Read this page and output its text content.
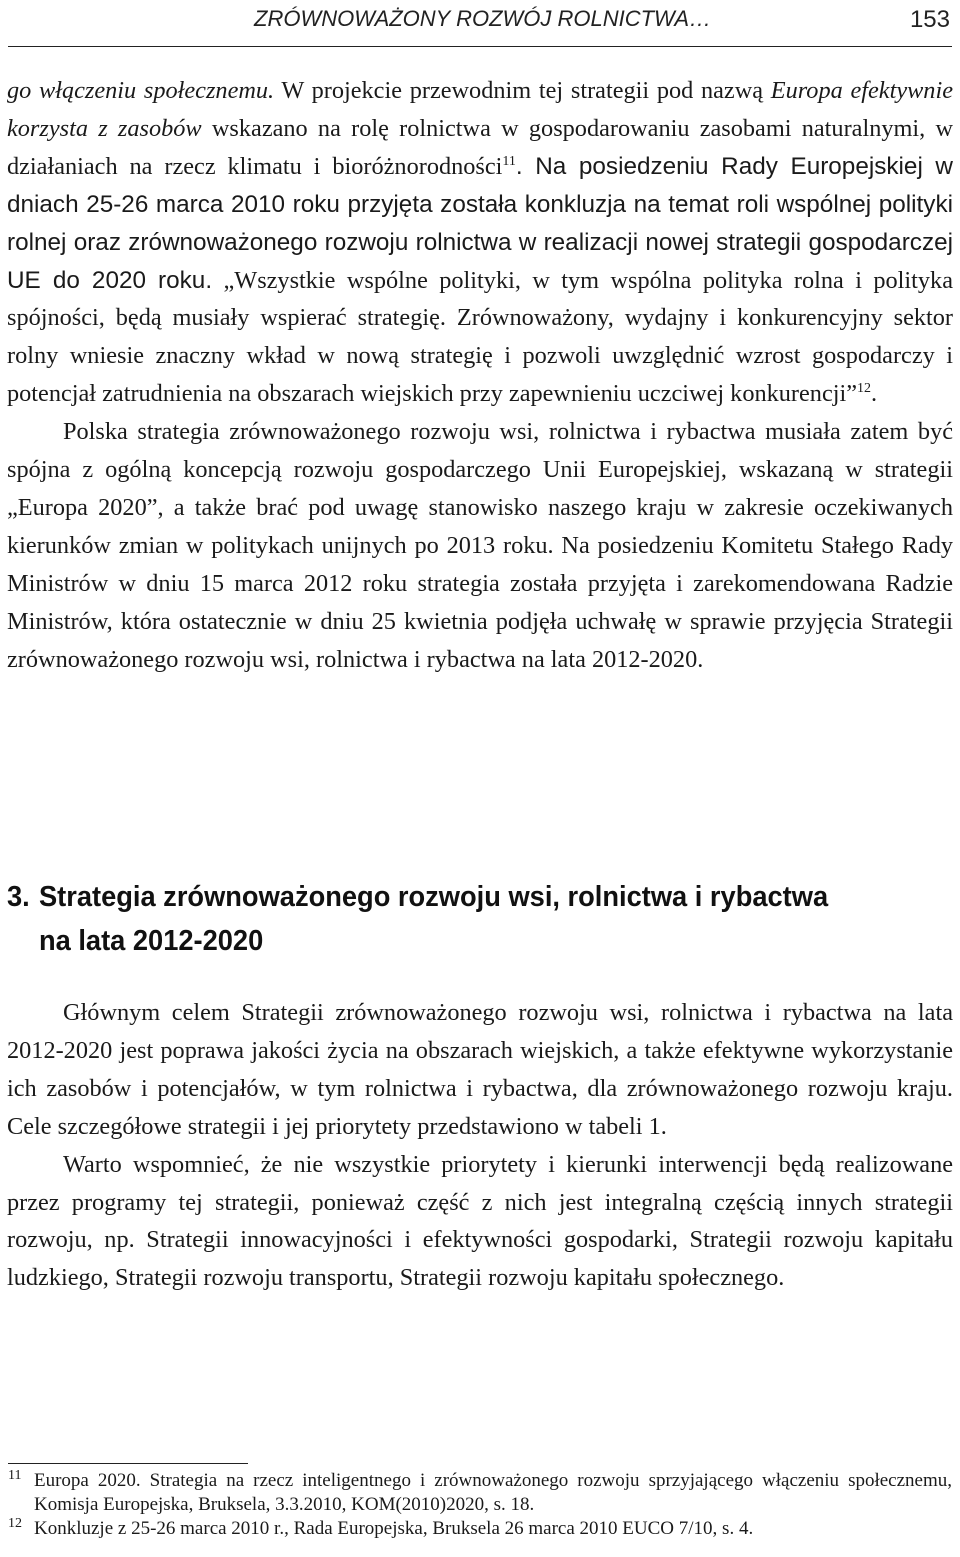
ZRÓWNOWAŻONY ROZWÓJ ROLNICTWA…	153

go włączeniu społecznemu. W projekcie przewodnim tej strategii pod nazwą Europa efektywnie korzysta z zasobów wskazano na rolę rolnictwa w gospodarowaniu zasobami naturalnymi, w działaniach na rzecz klimatu i bioróżnorodności$^{11}$. Na posiedzeniu Rady Europejskiej w dniach 25-26 marca 2010 roku przyjęta została konkluzja na temat roli wspólnej polityki rolnej oraz zrównoważonego rozwoju rolnictwa w realizacji nowej strategii gospodarczej UE do 2020 roku. „Wszystkie wspólne polityki, w tym wspólna polityka rolna i polityka spójności, będą musiały wspierać strategię. Zrównoważony, wydajny i konkurencyjny sektor rolny wniesie znaczny wkład w nową strategię i pozwoli uwzględnić wzrost gospodarczy i potencjał zatrudnienia na obszarach wiejskich przy zapewnieniu uczciwej konkurencji”$^{12}$.

Polska strategia zrównoważonego rozwoju wsi, rolnictwa i rybactwa musiała zatem być spójna z ogólną koncepcją rozwoju gospodarczego Unii Europejskiej, wskazaną w strategii „Europa 2020”, a także brać pod uwagę stanowisko naszego kraju w zakresie oczekiwanych kierunków zmian w politykach unijnych po 2013 roku. Na posiedzeniu Komitetu Stałego Rady Ministrów w dniu 15 marca 2012 roku strategia została przyjęta i zarekomendowana Radzie Ministrów, która ostatecznie w dniu 25 kwietnia podjęła uchwałę w sprawie przyjęcia Strategii zrównoważonego rozwoju wsi, rolnictwa i rybactwa na lata 2012-2020.

3. Strategia zrównoważonego rozwoju wsi, rolnictwa i rybactwa
na lata 2012-2020

Głównym celem Strategii zrównoważonego rozwoju wsi, rolnictwa i rybactwa na lata 2012-2020 jest poprawa jakości życia na obszarach wiejskich, a także efektywne wykorzystanie ich zasobów i potencjałów, w tym rolnictwa i rybactwa, dla zrównoważonego rozwoju kraju. Cele szczegółowe strategii i jej priorytety przedstawiono w tabeli 1.

Warto wspomnieć, że nie wszystkie priorytety i kierunki interwencji będą realizowane przez programy tej strategii, ponieważ część z nich jest integralną częścią innych strategii rozwoju, np. Strategii innowacyjności i efektywności gospodarki, Strategii rozwoju kapitału ludzkiego, Strategii rozwoju transportu, Strategii rozwoju kapitału społecznego.

11 Europa 2020. Strategia na rzecz inteligentnego i zrównoważonego rozwoju sprzyjającego włączeniu społecznemu, Komisja Europejska, Bruksela, 3.3.2010, KOM(2010)2020, s. 18.
12 Konkluzje z 25-26 marca 2010 r., Rada Europejska, Bruksela 26 marca 2010 EUCO 7/10, s. 4.
